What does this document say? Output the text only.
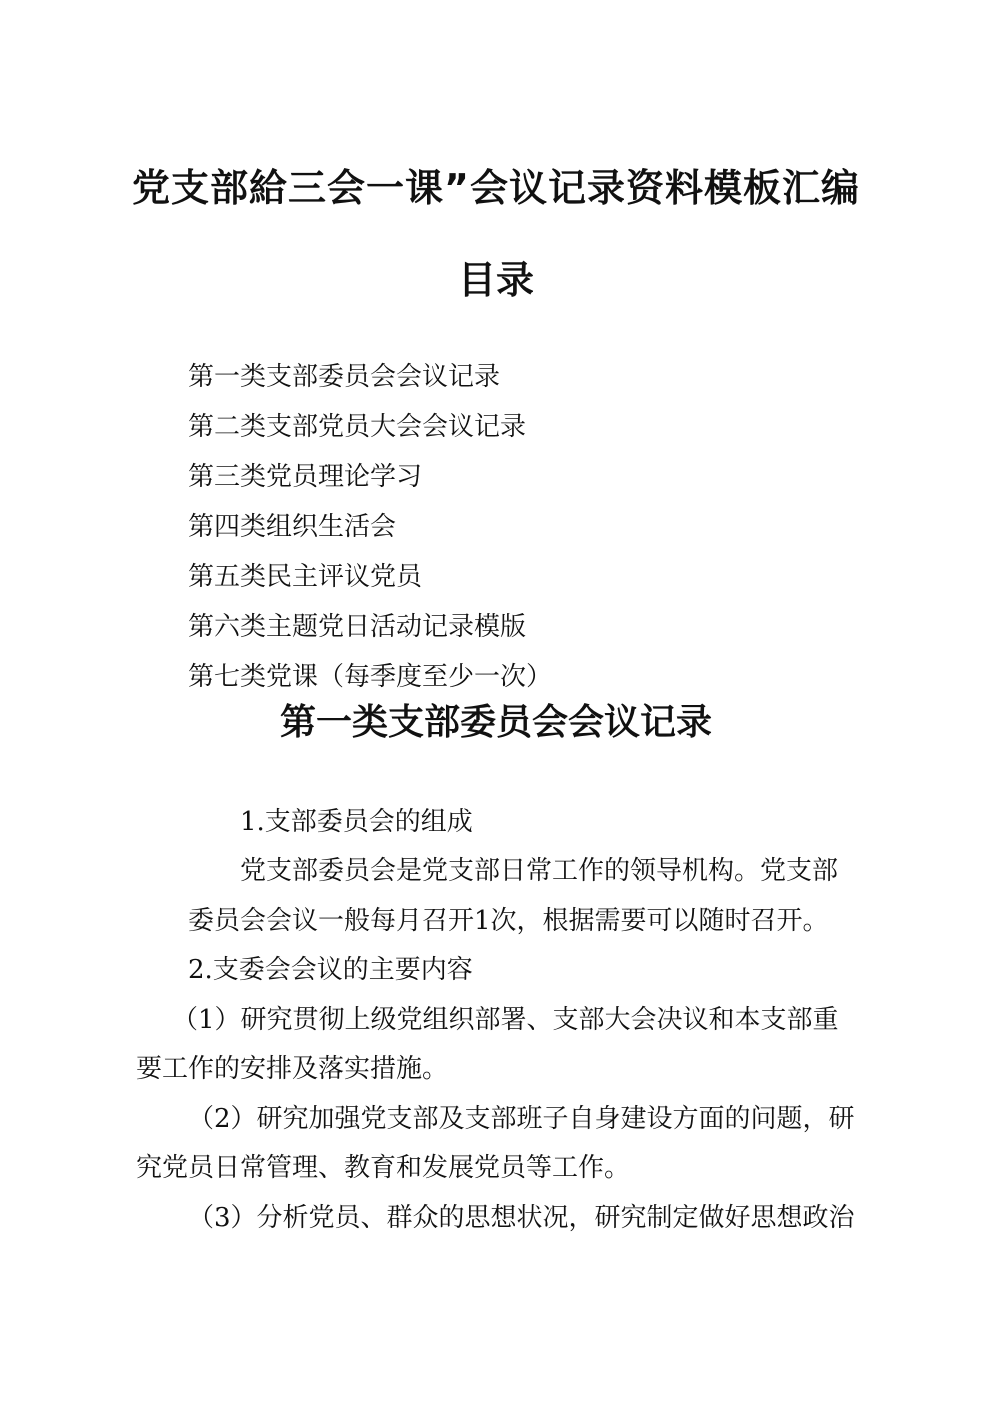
党支部給三会一课”会议记录资料模板汇编
目录
第一类支部委员会会议记录
第二类支部党员大会会议记录
第三类党员理论学习
第四类组织生活会
第五类民主评议党员
第六类主题党日活动记录模版
第七类党课（每季度至少一次）
第一类支部委员会会议记录
1.支部委员会的组成
党支部委员会是党支部日常工作的领导机构。党支部
委员会会议一般每月召开1次，根据需要可以随时召开。
2.支委会会议的主要内容
（1）研究贯彻上级党组织部署、支部大会决议和本支部重
要工作的安排及落实措施。
（2）研究加强党支部及支部班子自身建设方面的问题，研
究党员日常管理、教育和发展党员等工作。
（3）分析党员、群众的思想状况，研究制定做好思想政治
